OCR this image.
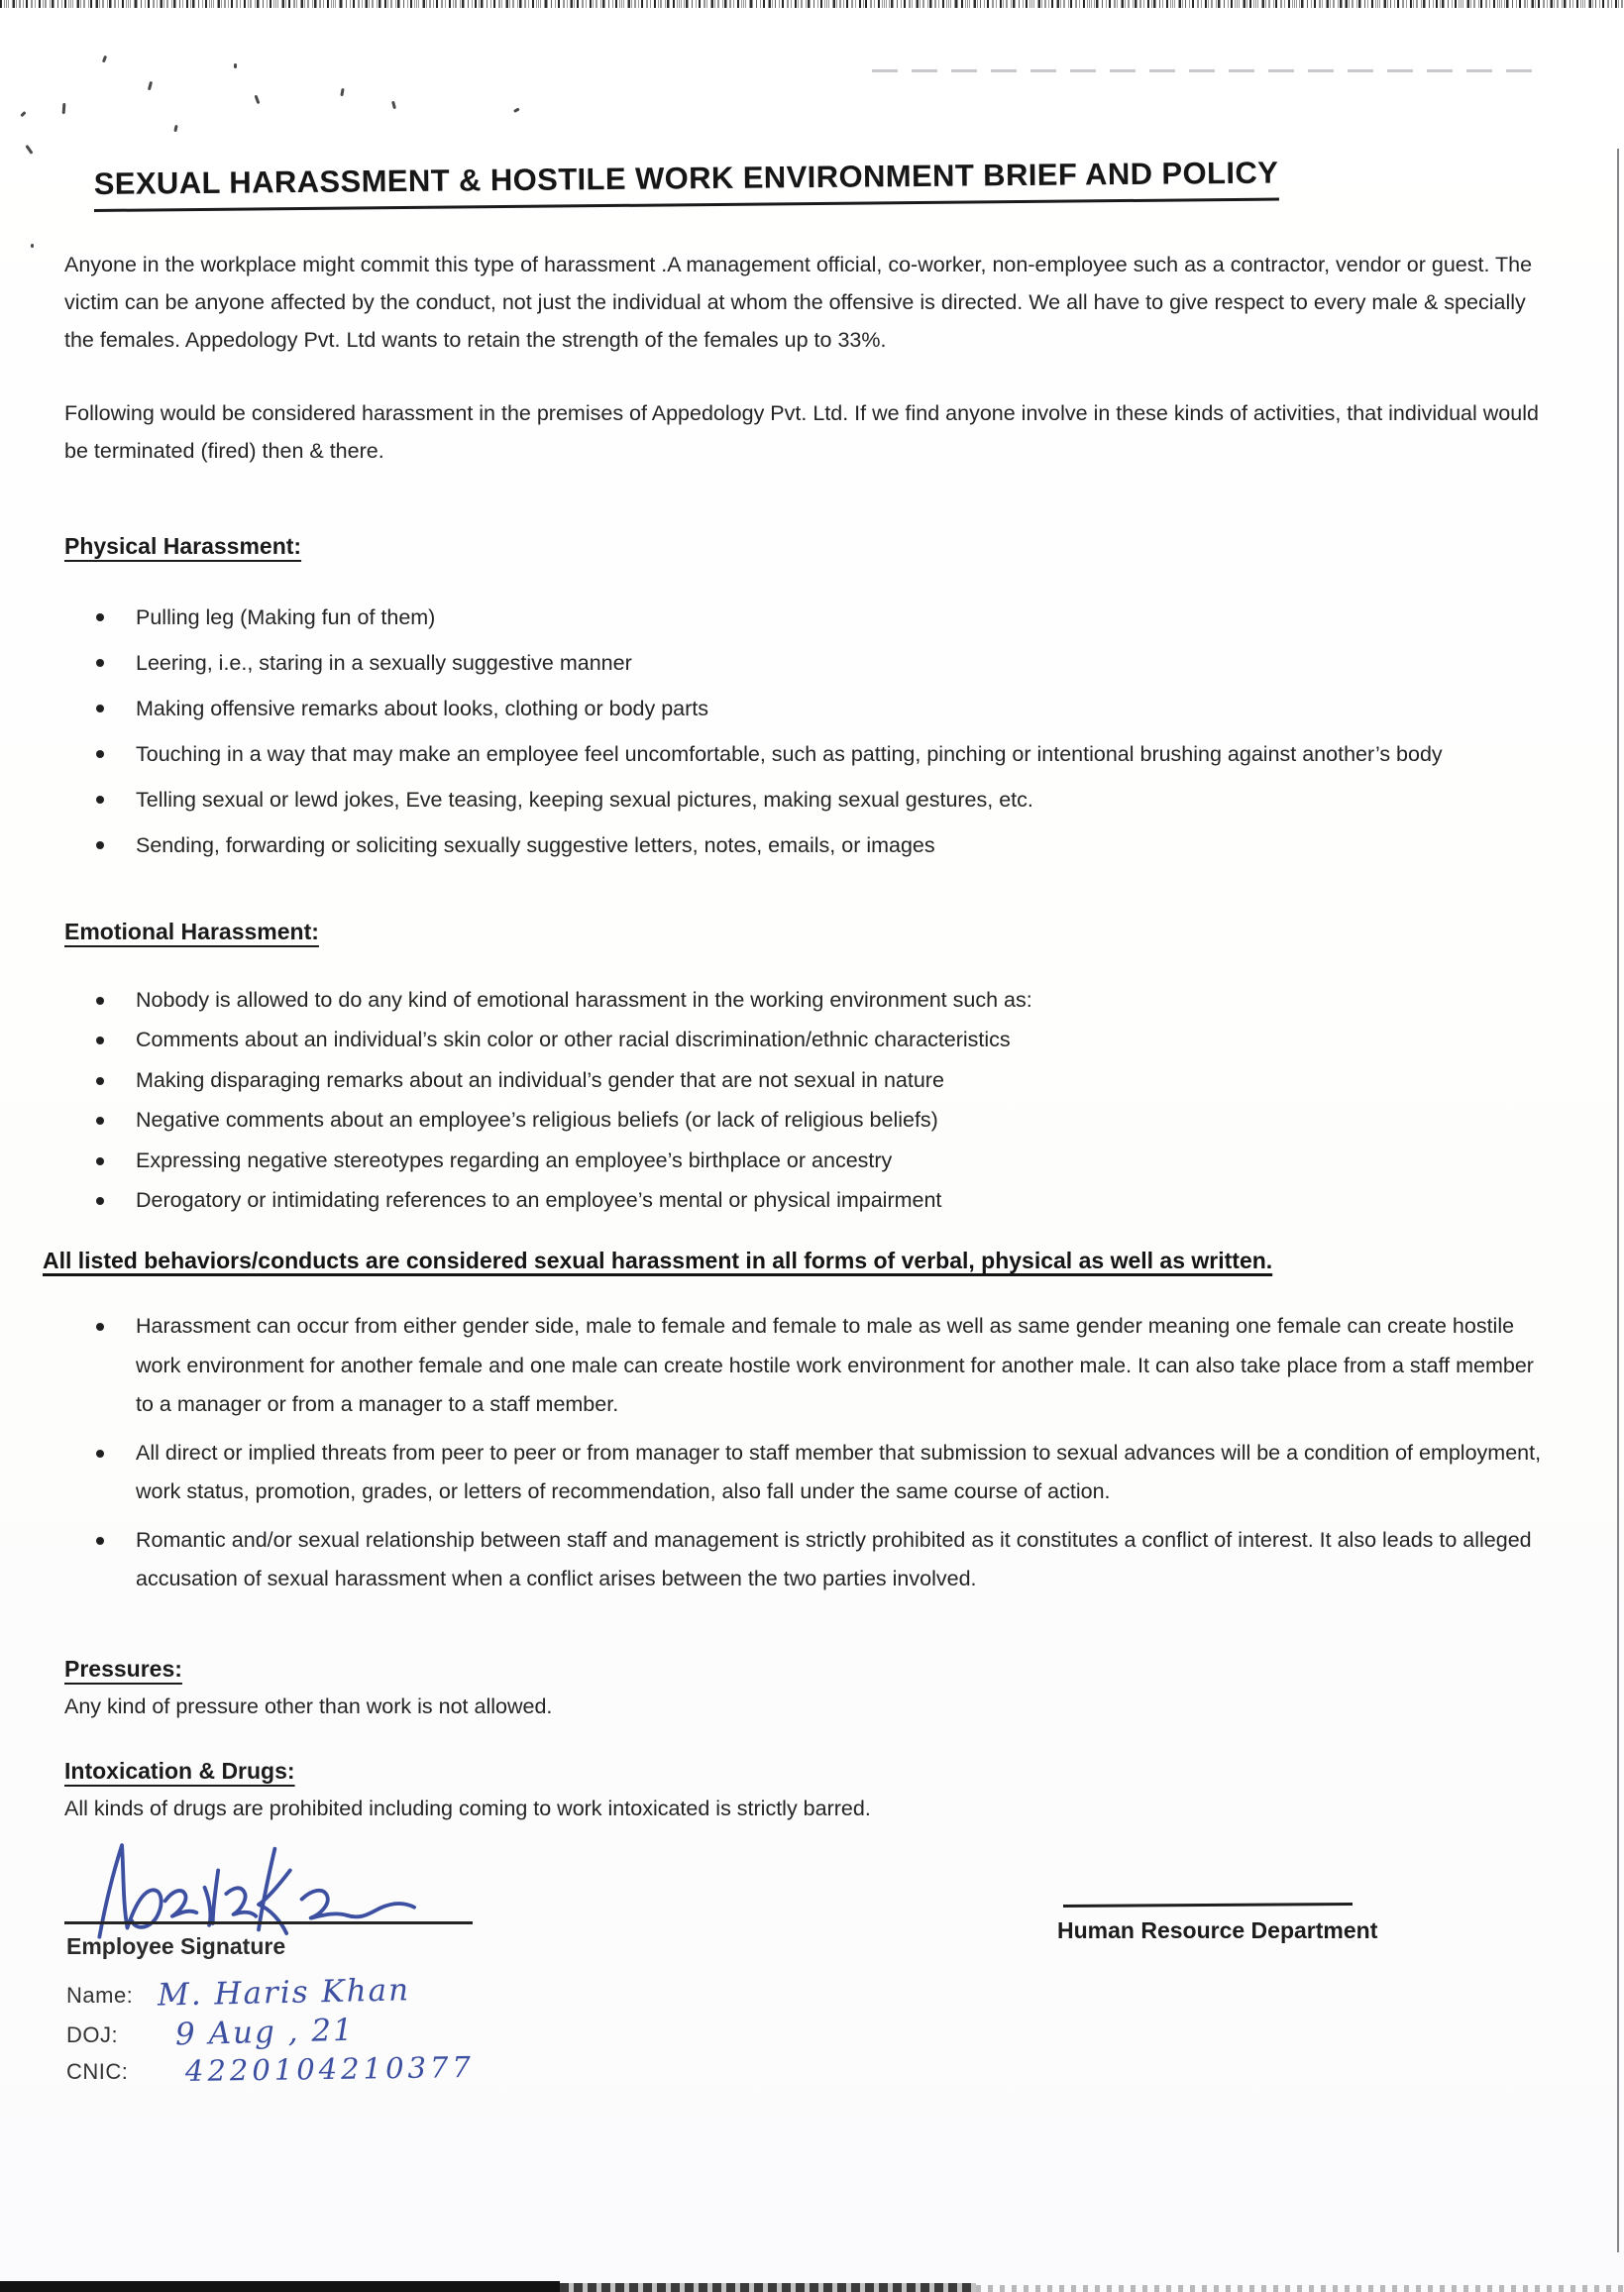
SEXUAL HARASSMENT & HOSTILE WORK ENVIRONMENT BRIEF AND POLICY

Anyone in the workplace might commit this type of harassment .A management official, co-worker, non-employee such as a contractor, vendor or guest. The victim can be anyone affected by the conduct, not just the individual at whom the offensive is directed. We all have to give respect to every male & specially the females. Appedology Pvt. Ltd wants to retain the strength of the females up to 33%.

Following would be considered harassment in the premises of Appedology Pvt. Ltd. If we find anyone involve in these kinds of activities, that individual would be terminated (fired) then & there.

Physical Harassment:
Pulling leg (Making fun of them)
Leering, i.e., staring in a sexually suggestive manner
Making offensive remarks about looks, clothing or body parts
Touching in a way that may make an employee feel uncomfortable, such as patting, pinching or intentional brushing against another’s body
Telling sexual or lewd jokes, Eve teasing, keeping sexual pictures, making sexual gestures, etc.
Sending, forwarding or soliciting sexually suggestive letters, notes, emails, or images
Emotional Harassment:
Nobody is allowed to do any kind of emotional harassment in the working environment such as:
Comments about an individual’s skin color or other racial discrimination/ethnic characteristics
Making disparaging remarks about an individual’s gender that are not sexual in nature
Negative comments about an employee’s religious beliefs (or lack of religious beliefs)
Expressing negative stereotypes regarding an employee’s birthplace or ancestry
Derogatory or intimidating references to an employee’s mental or physical impairment
All listed behaviors/conducts are considered sexual harassment in all forms of verbal, physical as well as written.
Harassment can occur from either gender side, male to female and female to male as well as same gender meaning one female can create hostile work environment for another female and one male can create hostile work environment for another male. It can also take place from a staff member to a manager or from a manager to a staff member.
All direct or implied threats from peer to peer or from manager to staff member that submission to sexual advances will be a condition of employment, work status, promotion, grades, or letters of recommendation, also fall under the same course of action.
Romantic and/or sexual relationship between staff and management is strictly prohibited as it constitutes a conflict of interest. It also leads to alleged accusation of sexual harassment when a conflict arises between the two parties involved.
Pressures:
Any kind of pressure other than work is not allowed.
Intoxication & Drugs:
All kinds of drugs are prohibited including coming to work intoxicated is strictly barred.
Employee Signature
Name: M. Haris Khan
DOJ: 9 Aug , 21
CNIC: 4220104210377
Human Resource Department
